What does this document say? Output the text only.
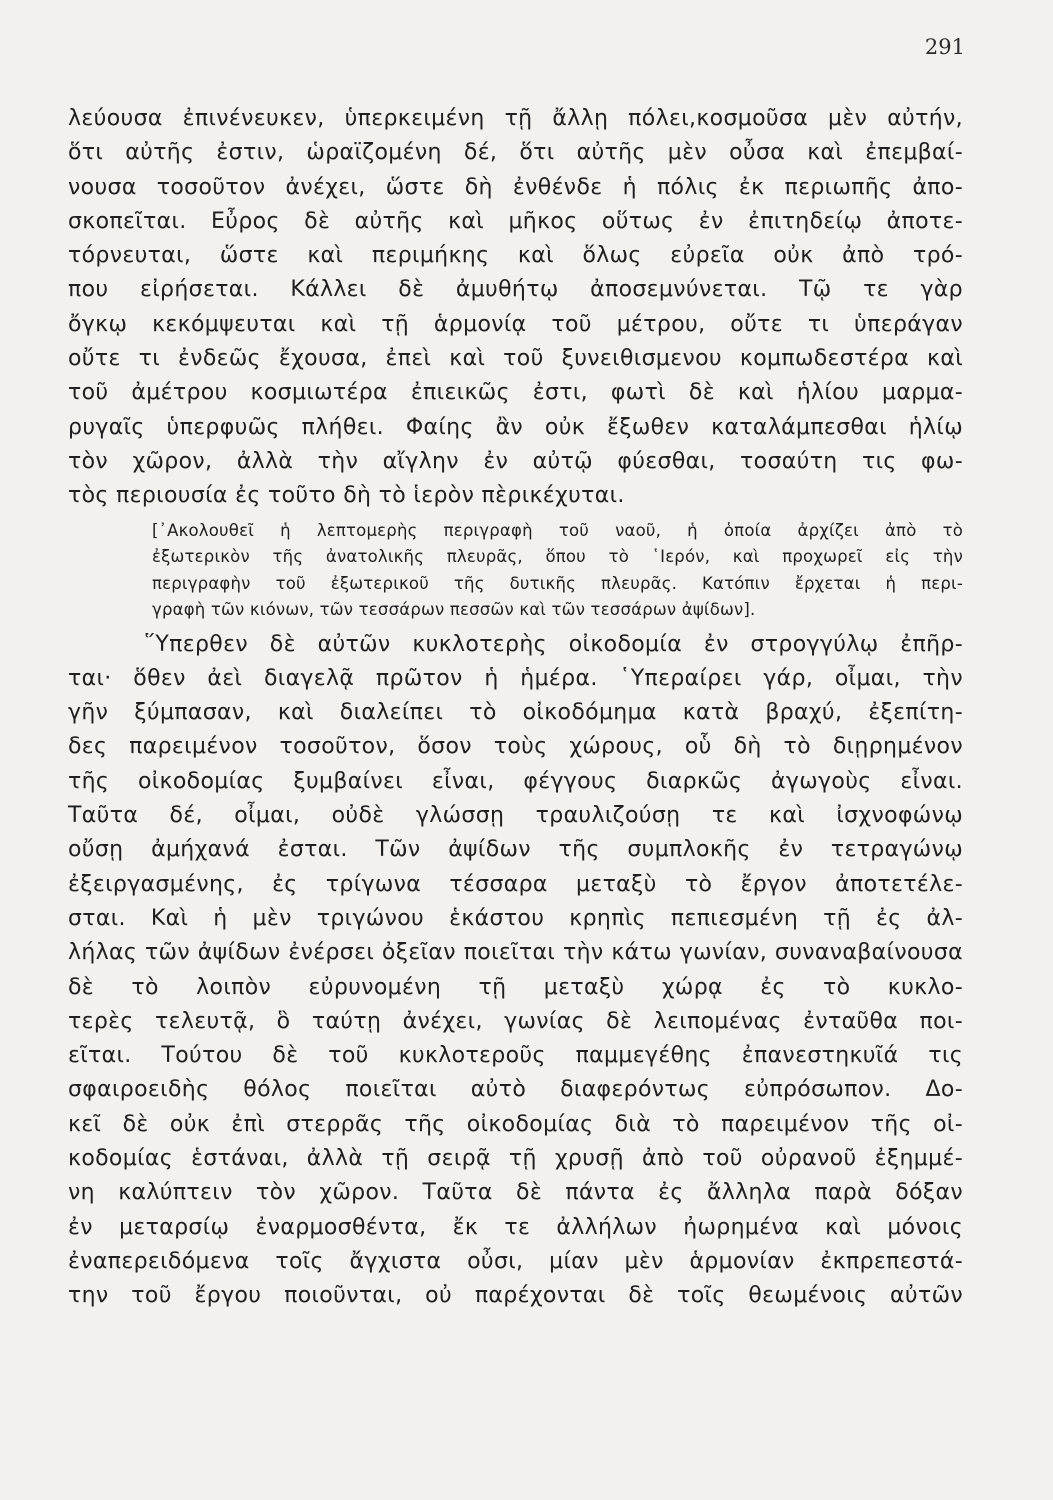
291
λεύουσα ἐπινένευκεν, ὑπερκειμένη τῇ ἄλλῃ πόλει,κοσμοῦσα μὲν αὐτήν,
ὅτι αὐτῆς ἐστιν, ὡραϊζομένη δέ, ὅτι αὐτῆς μὲν οὖσα καὶ ἐπεμβαί-
νουσα τοσοῦτον ἀνέχει, ὥστε δὴ ἐνθένδε ἡ πόλις ἐκ περιωπῆς ἀπο-
σκοπεῖται. Εὖρος δὲ αὐτῆς καὶ μῆκος οὕτως ἐν ἐπιτηδείῳ ἀποτε-
τόρνευται, ὥστε καὶ περιμήκης καὶ ὅλως εὐρεῖα οὐκ ἀπὸ τρό-
που εἰρήσεται. Κάλλει δὲ ἀμυθήτῳ ἀποσεμνύνεται. Τῷ τε γὰρ
ὄγκῳ κεκόμψευται καὶ τῇ ἁρμονίᾳ τοῦ μέτρου, οὔτε τι ὑπεράγαν
οὔτε τι ἐνδεῶς ἔχουσα, ἐπεὶ καὶ τοῦ ξυνειθισμενου κομπωδεστέρα καὶ
τοῦ ἀμέτρου κοσμιωτέρα ἐπιεικῶς ἐστι, φωτὶ δὲ καὶ ἡλίου μαρμα-
ρυγαῖς ὑπερφυῶς πλήθει. Φαίης ἂν οὐκ ἔξωθεν καταλάμπεσθαι ἡλίῳ
τὸν χῶρον, ἀλλὰ τὴν αἴγλην ἐν αὐτῷ φύεσθαι, τοσαύτη τις φω-
τὸς περιουσία ἐς τοῦτο δὴ τὸ ἱερὸν πὲρικέχυται.
[᾿Ακολουθεῖ ἡ λεπτομερὴς περιγραφὴ τοῦ ναοῦ, ἡ ὁποία ἀρχίζει ἀπὸ τὸ
ἐξωτερικὸν τῆς ἀνατολικῆς πλευρᾶς, ὅπου τὸ ῾Ιερόν, καὶ προχωρεῖ εἰς τὴν
περιγραφὴν τοῦ ἐξωτερικοῦ τῆς δυτικῆς πλευρᾶς. Κατόπιν ἔρχεται ἡ περι-
γραφὴ τῶν κιόνων, τῶν τεσσάρων πεσσῶν καὶ τῶν τεσσάρων ἀψίδων].
῞Υπερθεν δὲ αὐτῶν κυκλοτερὴς οἰκοδομία ἐν στρογγύλῳ ἐπῆρ-
ται· ὅθεν ἀεὶ διαγελᾷ πρῶτον ἡ ἡμέρα. ῾Υπεραίρει γάρ, οἶμαι, τὴν
γῆν ξύμπασαν, καὶ διαλείπει τὸ οἰκοδόμημα κατὰ βραχύ, ἐξεπίτη-
δες παρειμένον τοσοῦτον, ὅσον τοὺς χώρους, οὗ δὴ τὸ διῃρημένον
τῆς οἰκοδομίας ξυμβαίνει εἶναι, φέγγους διαρκῶς ἀγωγοὺς εἶναι.
Ταῦτα δέ, οἶμαι, οὐδὲ γλώσσῃ τραυλιζούσῃ τε καὶ ἰσχνοφώνῳ
οὔσῃ ἀμήχανά ἐσται. Τῶν ἀψίδων τῆς συμπλοκῆς ἐν τετραγώνῳ
ἐξειργασμένης, ἐς τρίγωνα τέσσαρα μεταξὺ τὸ ἔργον ἀποτετέλε-
σται. Καὶ ἡ μὲν τριγώνου ἑκάστου κρηπὶς πεπιεσμένη τῇ ἐς ἀλ-
λήλας τῶν ἀψίδων ἐνέρσει ὀξεῖαν ποιεῖται τὴν κάτω γωνίαν, συναναβαίνουσα
δὲ τὸ λοιπὸν εὐρυνομένη τῇ μεταξὺ χώρᾳ ἐς τὸ κυκλο-
τερὲς τελευτᾷ, ὃ ταύτῃ ἀνέχει, γωνίας δὲ λειπομένας ἐνταῦθα ποι-
εῖται. Τούτου δὲ τοῦ κυκλοτεροῦς παμμεγέθης ἐπανεστηκυῖά τις
σφαιροειδὴς θόλος ποιεῖται αὐτὸ διαφερόντως εὐπρόσωπον. Δο-
κεῖ δὲ οὐκ ἐπὶ στερρᾶς τῆς οἰκοδομίας διὰ τὸ παρειμένον τῆς οἰ-
κοδομίας ἑστάναι, ἀλλὰ τῇ σειρᾷ τῇ χρυσῇ ἀπὸ τοῦ οὐρανοῦ ἐξημμέ-
νη καλύπτειν τὸν χῶρον. Ταῦτα δὲ πάντα ἐς ἄλληλα παρὰ δόξαν
ἐν μεταρσίῳ ἐναρμοσθέντα, ἔκ τε ἀλλήλων ἠωρημένα καὶ μόνοις
ἐναπερειδόμενα τοῖς ἄγχιστα οὖσι, μίαν μὲν ἁρμονίαν ἐκπρεπεστά-
την τοῦ ἔργου ποιοῦνται, οὐ παρέχονται δὲ τοῖς θεωμένοις αὐτῶν
